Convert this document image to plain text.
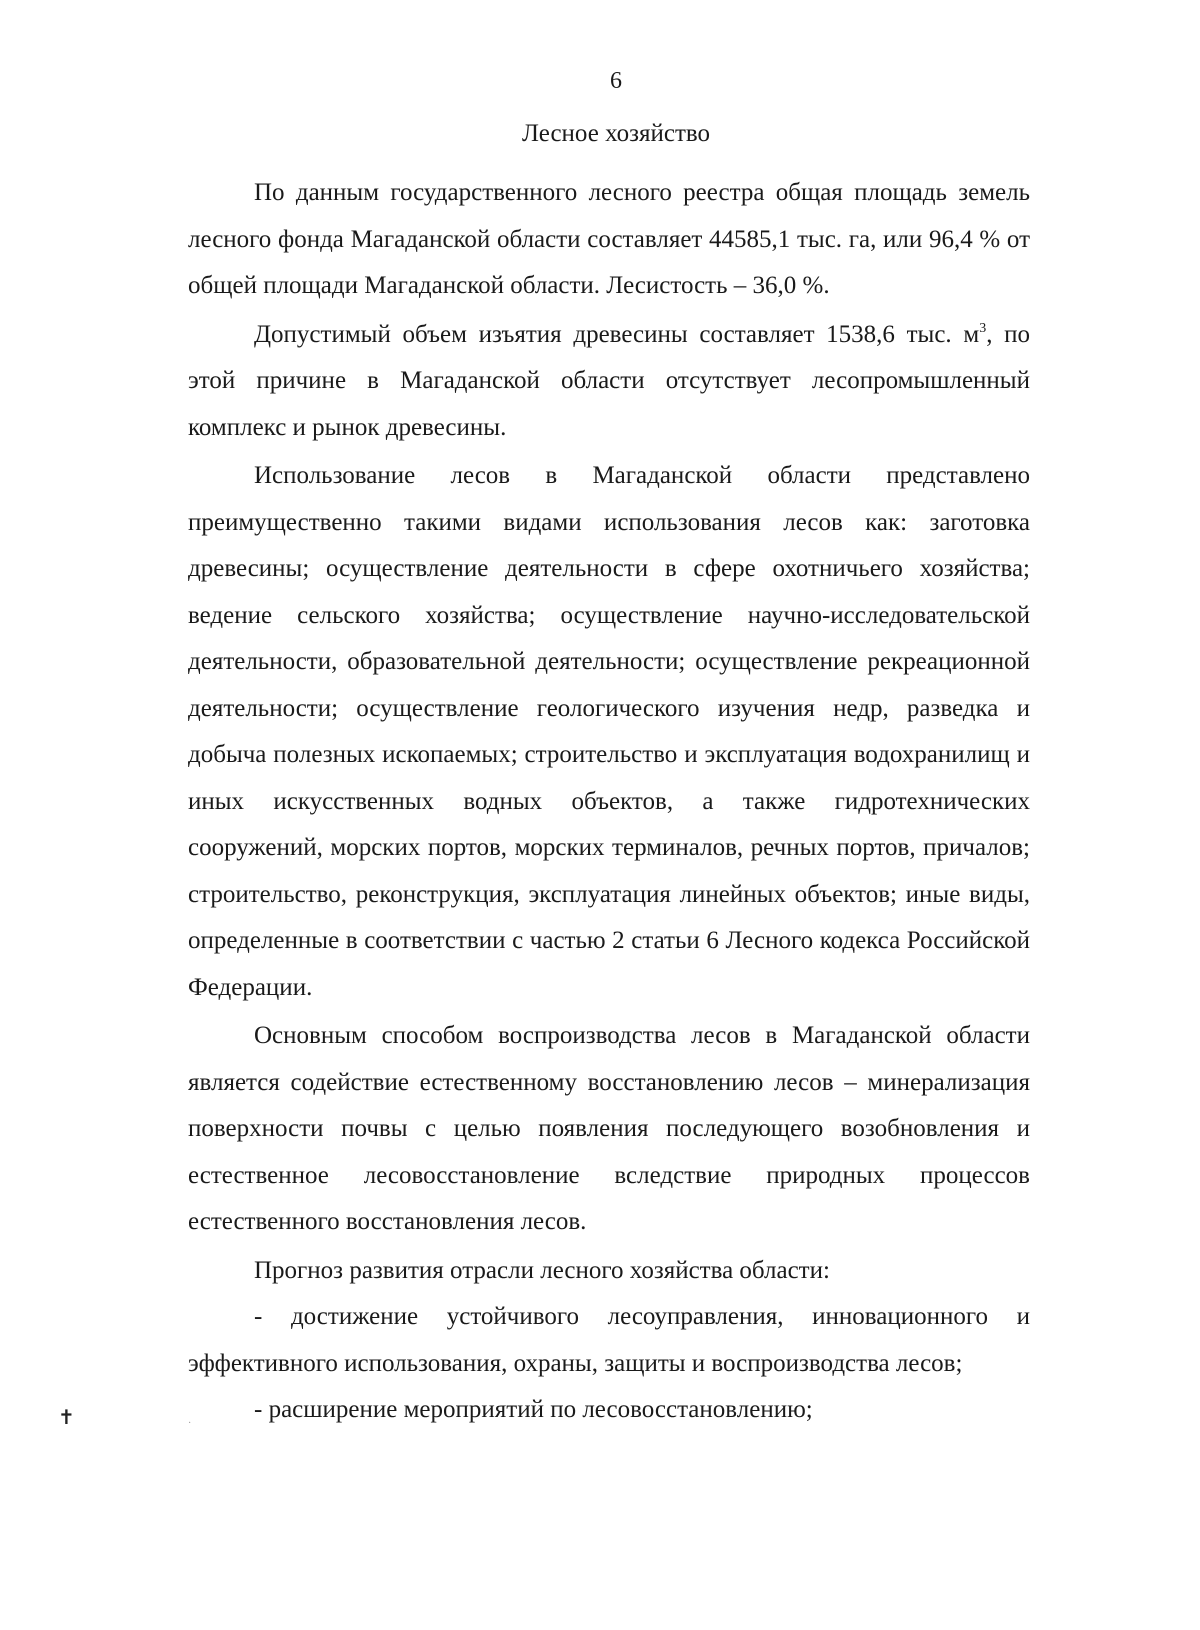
6
Лесное хозяйство

По данным государственного лесного реестра общая площадь земель лесного фонда Магаданской области составляет 44585,1 тыс. га, или 96,4 % от общей площади Магаданской области. Лесистость – 36,0 %.

Допустимый объем изъятия древесины составляет 1538,6 тыс. $м^3$, по этой причине в Магаданской области отсутствует лесопромышленный комплекс и рынок древесины.

Использование лесов в Магаданской области представлено преимущественно такими видами использования лесов как: заготовка древесины; осуществление деятельности в сфере охотничьего хозяйства; ведение сельского хозяйства; осуществление научно-исследовательской деятельности, образовательной деятельности; осуществление рекреационной деятельности; осуществление геологического изучения недр, разведка и добыча полезных ископаемых; строительство и эксплуатация водохранилищ и иных искусственных водных объектов, а также гидротехнических сооружений, морских портов, морских терминалов, речных портов, причалов; строительство, реконструкция, эксплуатация линейных объектов; иные виды, определенные в соответствии с частью 2 статьи 6 Лесного кодекса Российской Федерации.

Основным способом воспроизводства лесов в Магаданской области является содействие естественному восстановлению лесов – минерализация поверхности почвы с целью появления последующего возобновления и естественное лесовосстановление вследствие природных процессов естественного восстановления лесов.

Прогноз развития отрасли лесного хозяйства области:

- достижение устойчивого лесоуправления, инновационного и эффективного использования, охраны, защиты и воспроизводства лесов;

- расширение мероприятий по лесовосстановлению;

✝	·
